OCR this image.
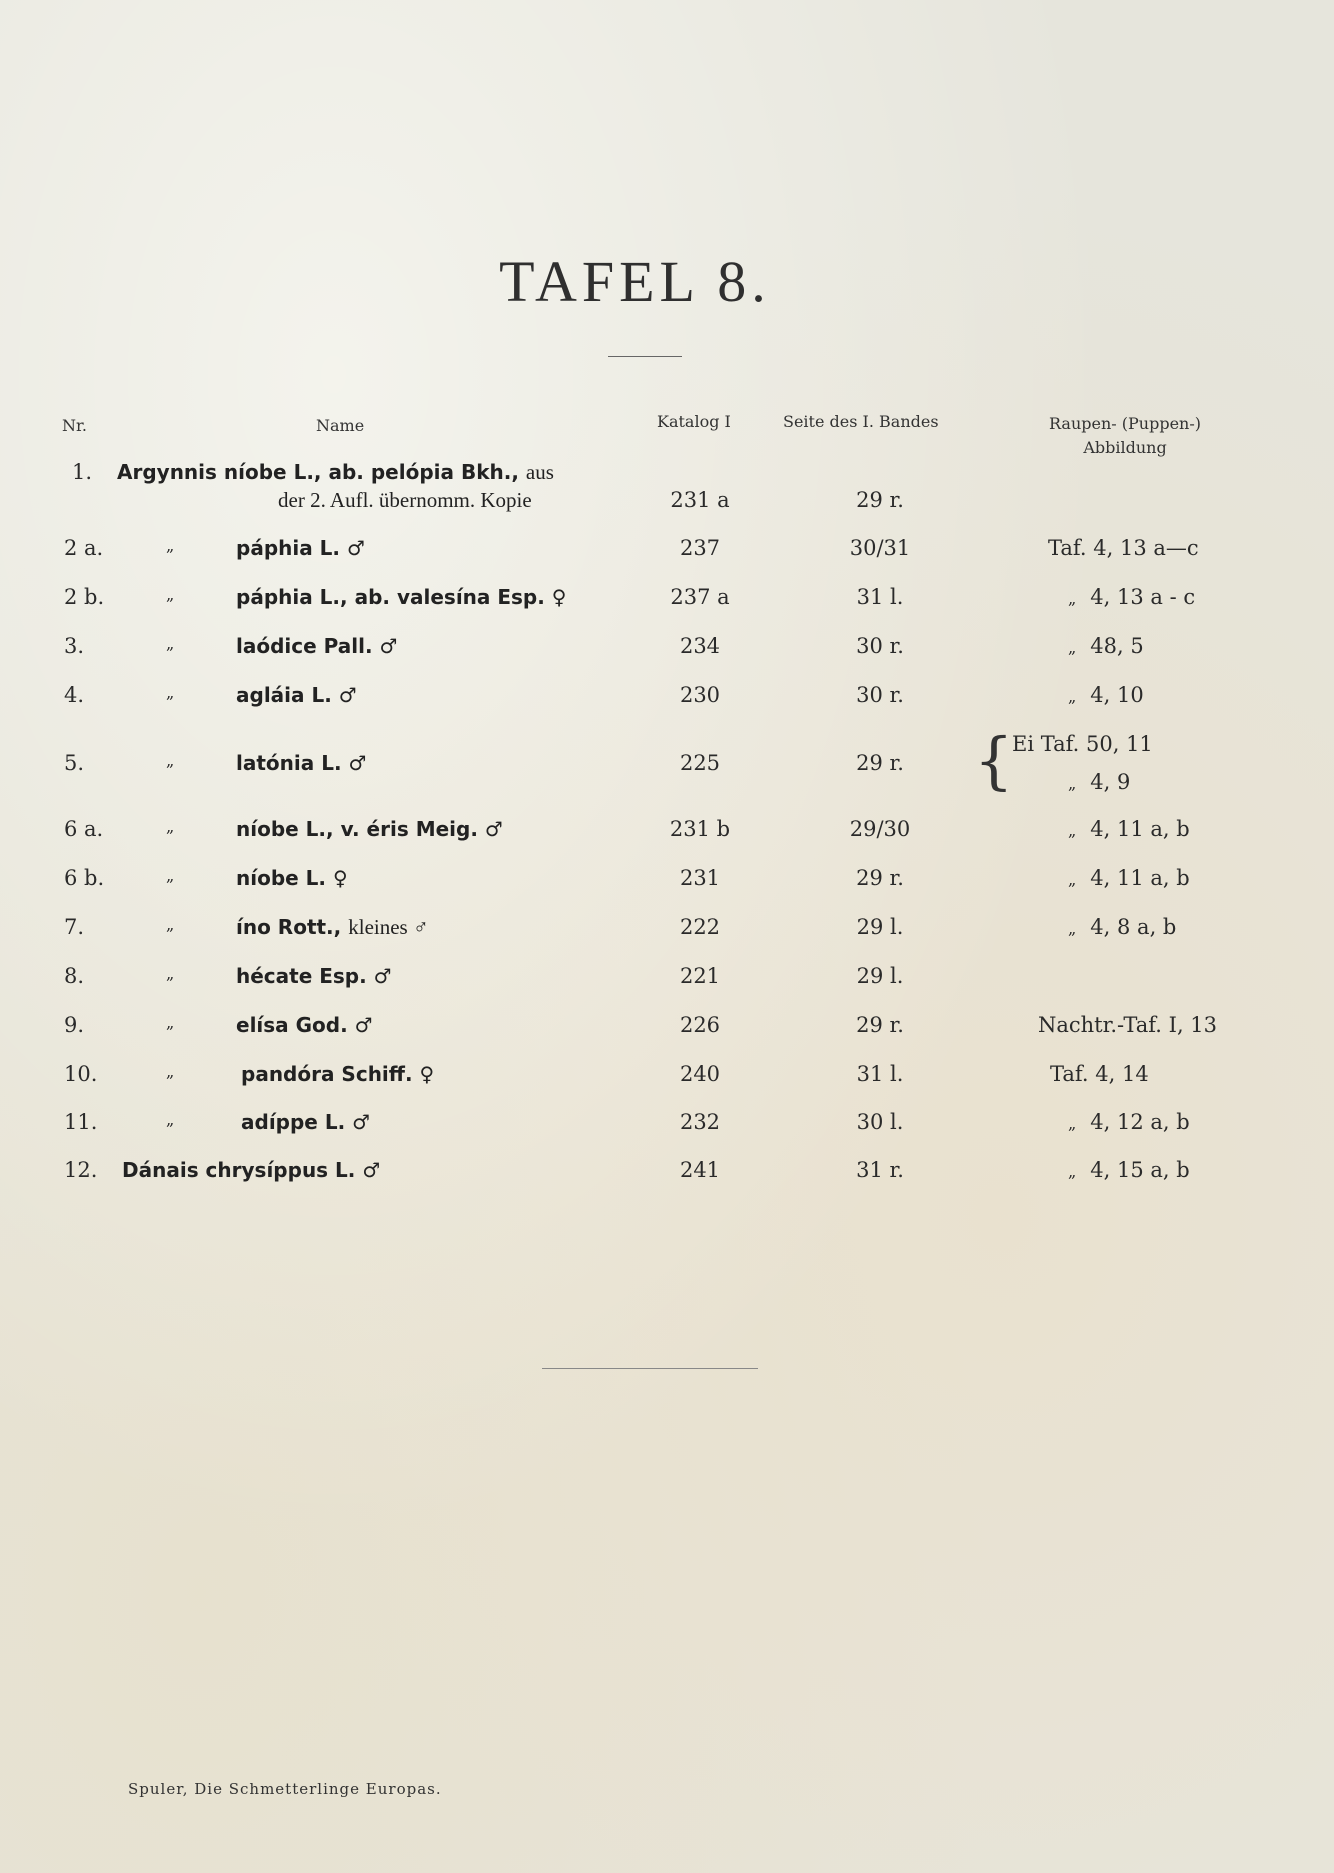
TAFEL 8.
Nr.	Name	Katalog I	Seite des I. Bandes	Raupen- (Puppen-)
Abbildung
1. Argynnis níobe L., ab. pelópia Bkh., aus
der 2. Aufl. übernomm. Kopie	231 a	29 r.
2 a.	„	páphia L. ♂	237	30/31	Taf. 4, 13 a—c
2 b.	„	páphia L., ab. valesína Esp. ♀	237 a	31 l.	„ 4, 13 a - c
3.	„	laódice Pall. ♂	234	30 r.	„ 48, 5
4.	„	agláia L. ♂	230	30 r.	„ 4, 10
5.	„	latónia L. ♂	225	29 r.	{
Ei Taf. 50, 11
„ 4, 9
6 a.	„	níobe L., v. éris Meig. ♂	231 b	29/30	„ 4, 11 a, b
6 b.	„	níobe L. ♀	231	29 r.	„ 4, 11 a, b
7.	„	íno Rott., kleines ♂	222	29 l.	„ 4, 8 a, b
8.	„	hécate Esp. ♂	221	29 l.
9.	„	elísa God. ♂	226	29 r.	Nachtr.-Taf. I, 13
10.	„	pandóra Schiff. ♀	240	31 l.	Taf. 4, 14
11.	„	adíppe L. ♂	232	30 l.	„ 4, 12 a, b
12. Dánais chrysíppus L. ♂	241	31 r.	„ 4, 15 a, b
Spuler, Die Schmetterlinge Europas.
